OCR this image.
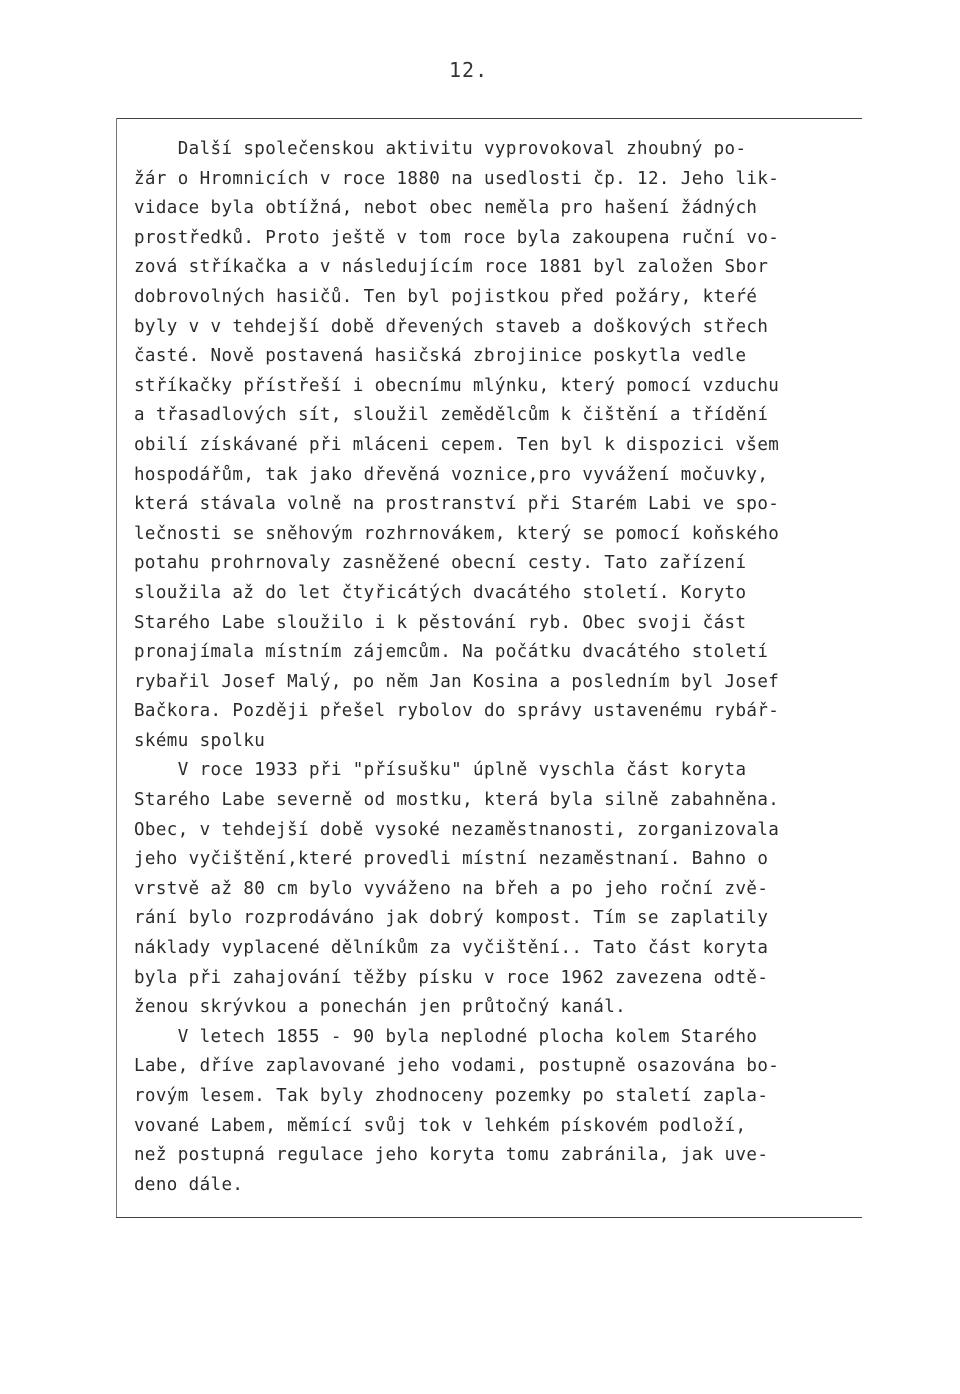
12.
Další společenskou aktivitu vyprovokoval zhoubný po-
žár o Hromnicích v roce 1880 na usedlosti čp. 12. Jeho lik-
vidace byla obtížná, nebot obec neměla pro hašení žádných
prostředků. Proto ještě v tom roce byla zakoupena ruční vo-
zová stříkačka a v následujícím roce 1881 byl založen Sbor
dobrovolných hasičů. Ten byl pojistkou před požáry, kteŕé
byly v v tehdejší době dřevených staveb a doškových střech
časté. Nově postavená hasičská zbrojinice poskytla vedle
stříkačky přístřeší i obecnímu mlýnku, který pomocí vzduchu
a třasadlových sít, sloužil zemědělcům k čištění a třídění
obilí získávané při mláceni cepem. Ten byl k dispozici všem
hospodářům, tak jako dřevěná voznice,pro vyvážení močuvky,
která stávala volně na prostranství při Starém Labi ve spo-
lečnosti se sněhovým rozhrnovákem, který se pomocí koňského
potahu prohrnovaly zasněžené obecní cesty. Tato zařízení
sloužila až do let čtyřicátých dvacátého století. Koryto
Starého Labe sloužilo i k pěstování ryb. Obec svoji část
pronajímala místním zájemcům. Na počátku dvacátého století
rybařil Josef Malý, po něm Jan Kosina a posledním byl Josef
Bačkora. Později přešel rybolov do správy ustavenému rybář-
skému spolku
V roce 1933 při "přísušku" úplně vyschla část koryta
Starého Labe severně od mostku, která byla silně zabahněna.
Obec, v tehdejší době vysoké nezaměstnanosti, zorganizovala
jeho vyčištění,které provedli místní nezaměstnaní. Bahno o
vrstvě až 80 cm bylo vyváženo na břeh a po jeho roční zvě-
rání bylo rozprodáváno jak dobrý kompost. Tím se zaplatily
náklady vyplacené dělníkům za vyčištění.. Tato část koryta
byla při zahajování těžby písku v roce 1962 zavezena odtě-
ženou skrývkou a ponechán jen průtočný kanál.
V letech 1855 - 90 byla neplodné plocha kolem Starého
Labe, dříve zaplavované jeho vodami, postupně osazována bo-
rovým lesem. Tak byly zhodnoceny pozemky po staletí zapla-
vované Labem, měmící svůj tok v lehkém pískovém podloží,
než postupná regulace jeho koryta tomu zabránila, jak uve-
deno dále.
